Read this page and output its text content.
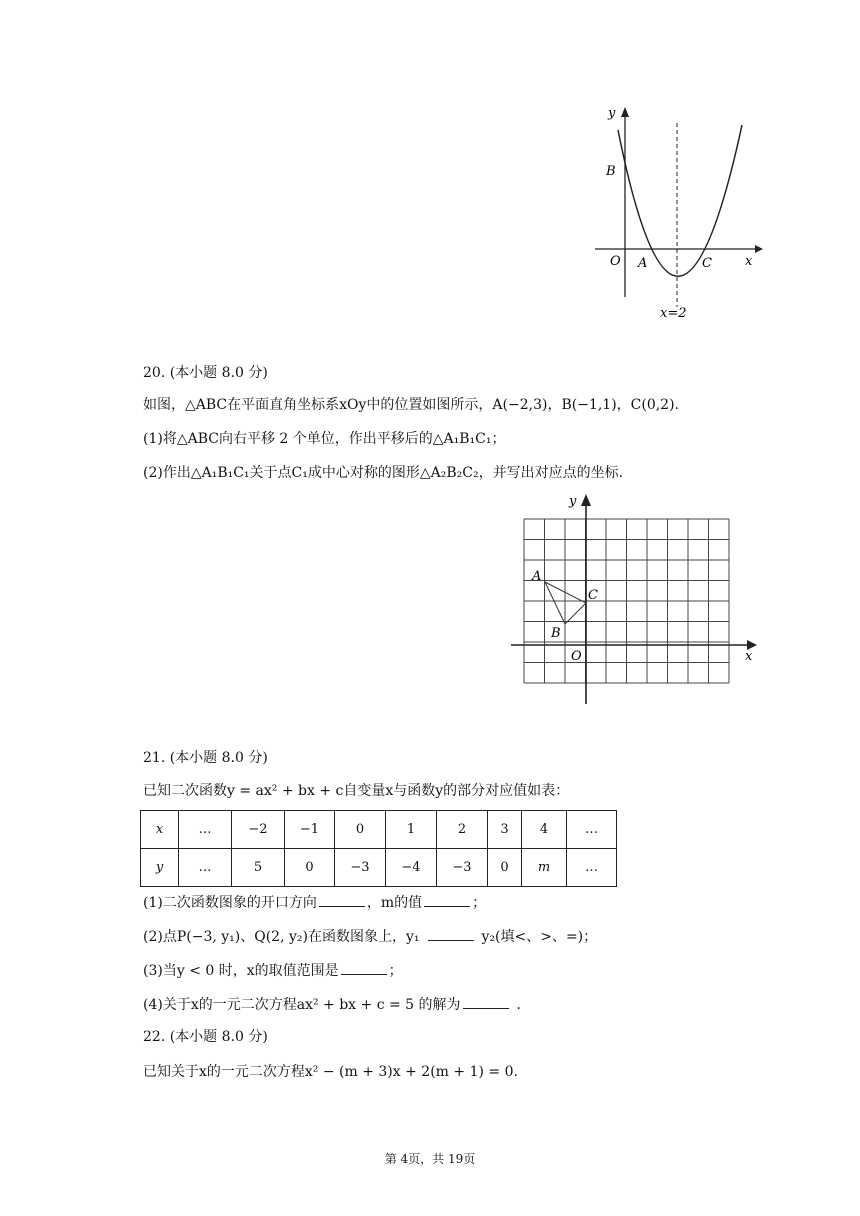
y
x
O A
B
C
x=2
20. (本小题 8.0 分)
如图，△ABC在平面直角坐标系xOy中的位置如图所示，A(−2,3)，B(−1,1)，C(0,2).
(1)将△ABC向右平移 2 个单位，作出平移后的△A₁B₁C₁；
(2)作出△A₁B₁C₁关于点C₁成中心对称的图形△A₂B₂C₂，并写出对应点的坐标.
y
x
O
A
B
C
21. (本小题 8.0 分)
已知二次函数y = ax² + bx + c自变量x与函数y的部分对应值如表：
x	…	−2	−1	0	1	2	3	4	…
y	…	5	0	−3	−4	−3	0	m	…
(1)二次函数图象的开口方向	，m的值	；
(2)点P(−3, y₁)、Q(2, y₂)在函数图象上，y₁	y₂(填<、>、=)；
(3)当y < 0 时，x的取值范围是	；
(4)关于x的一元二次方程ax² + bx + c = 5 的解为	.
22. (本小题 8.0 分)
已知关于x的一元二次方程x² − (m + 3)x + 2(m + 1) = 0.
第 4页，共 19页
